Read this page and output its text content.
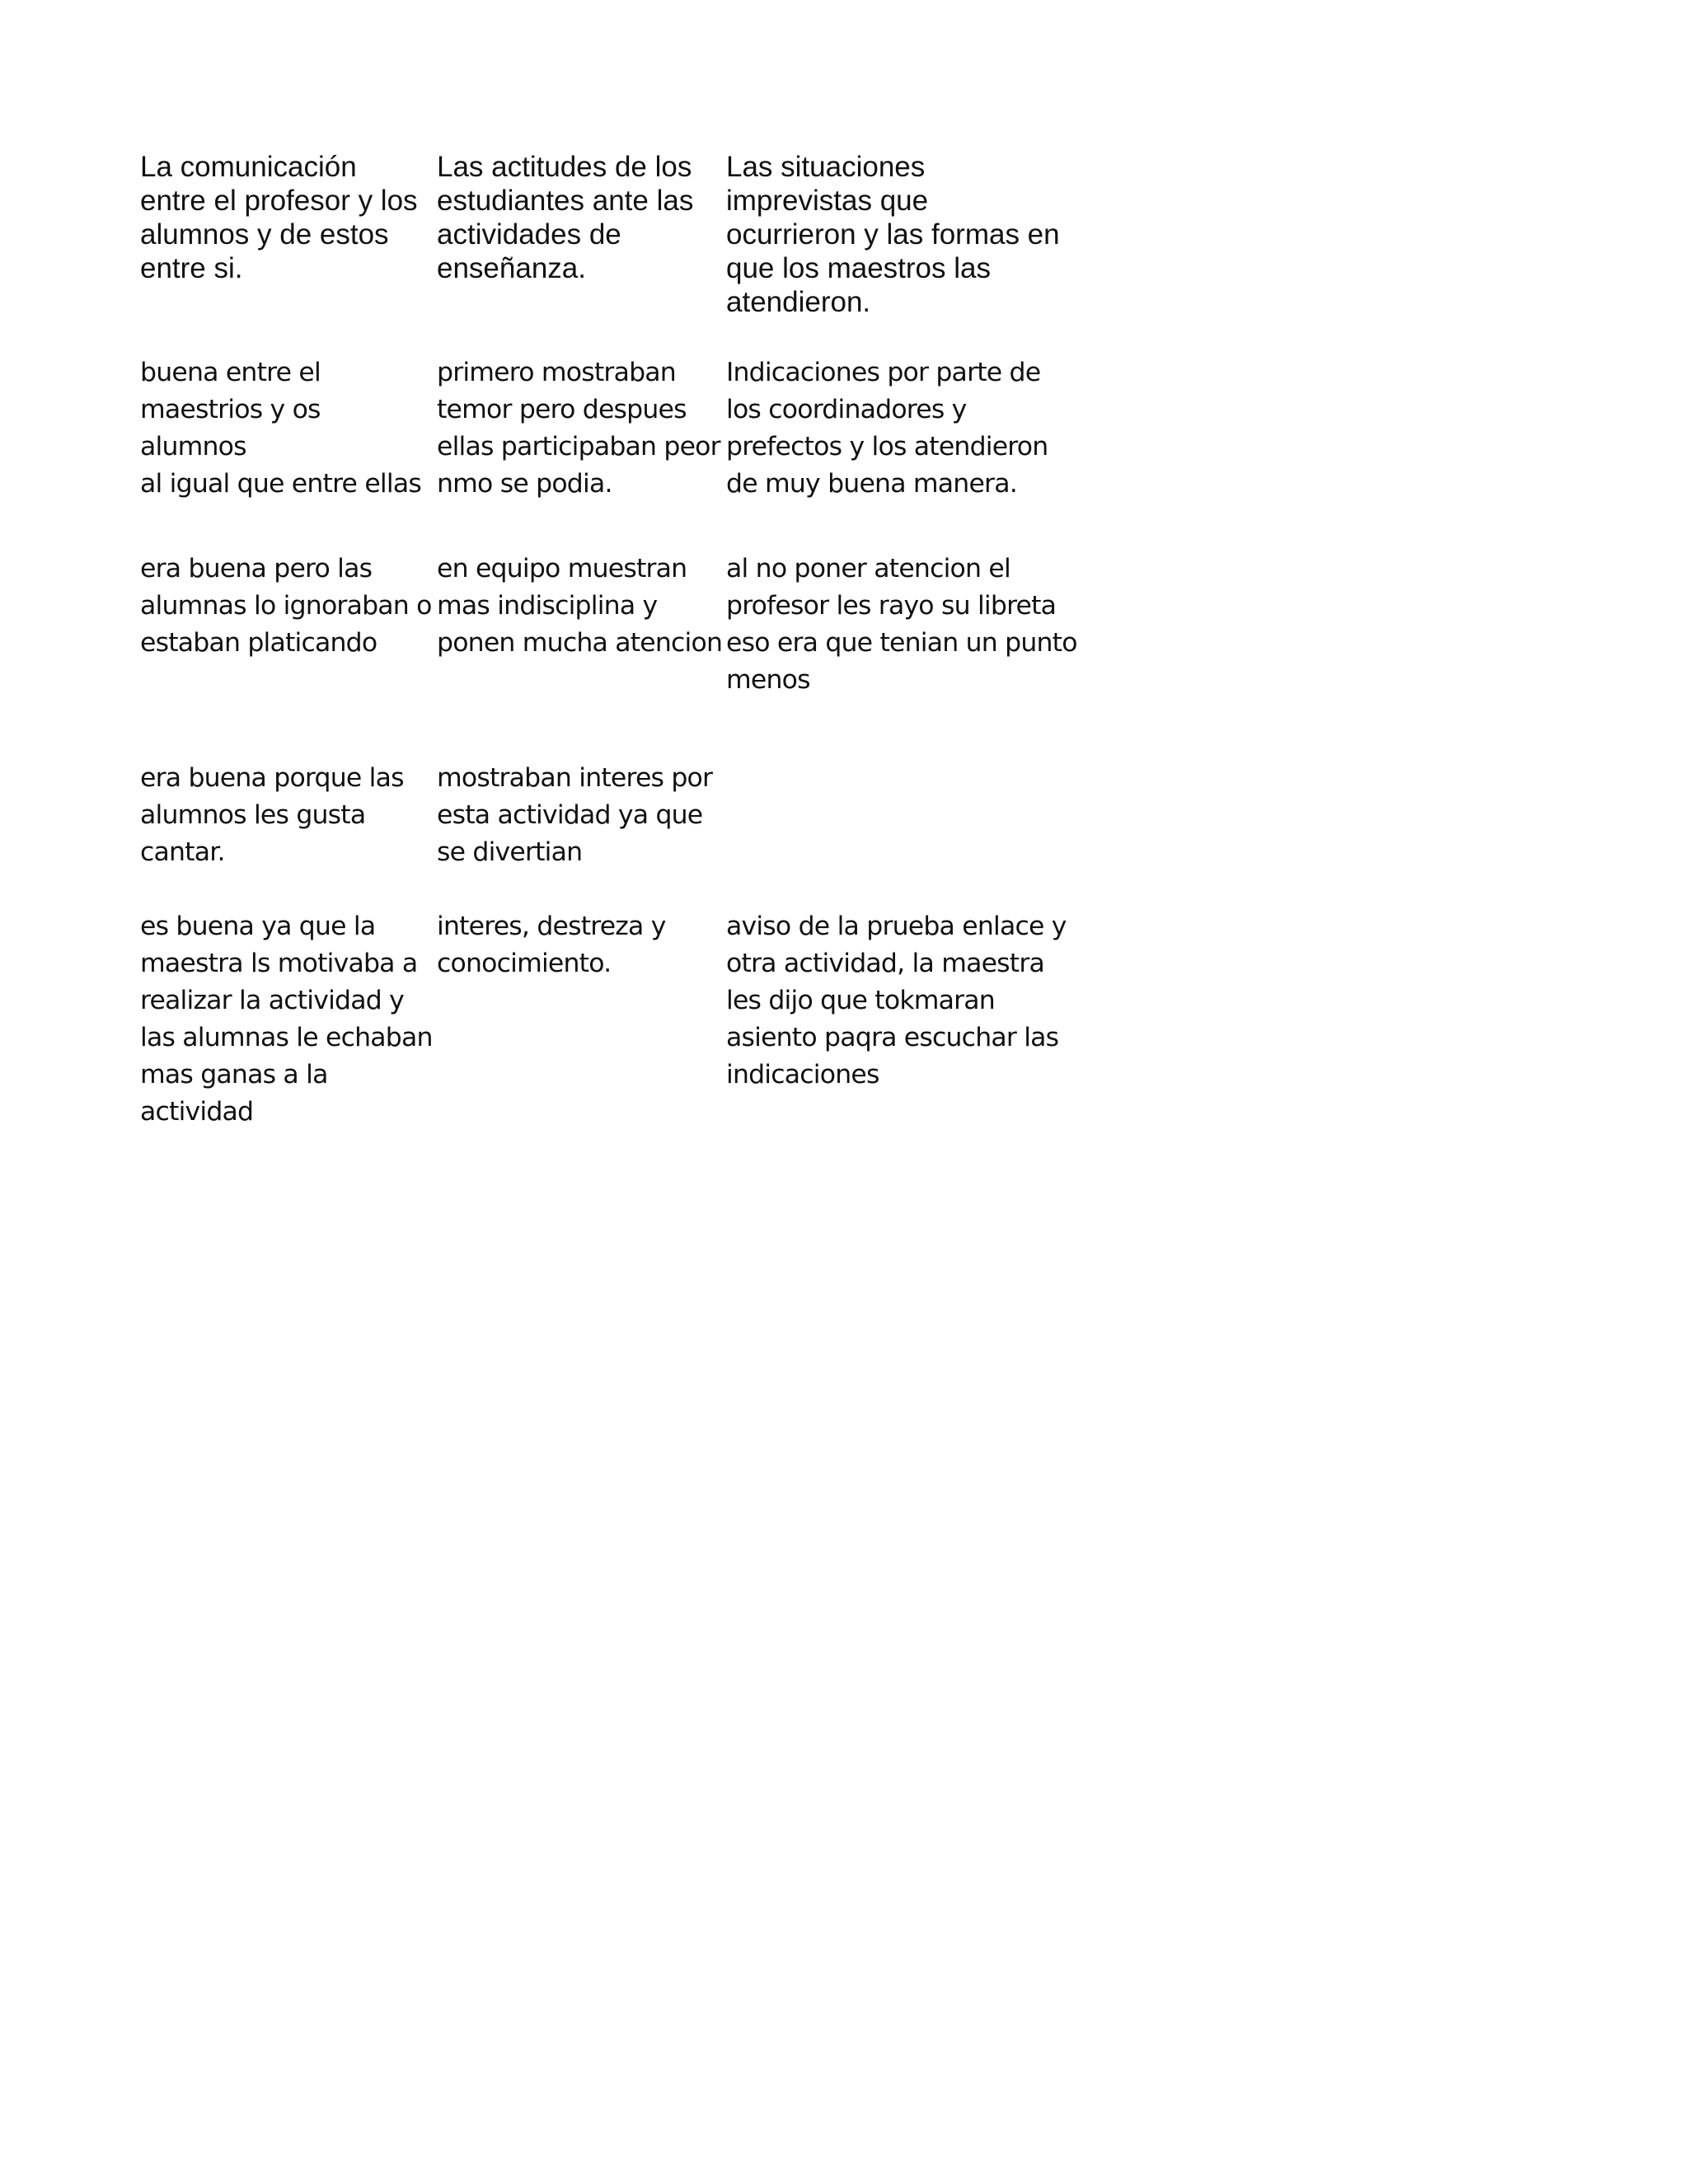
La comunicación
entre el profesor y los
alumnos y de estos
entre si.
Las actitudes de los
estudiantes ante las
actividades de
enseñanza.
Las situaciones
imprevistas que
ocurrieron y las formas en
que los maestros las
atendieron.
buena entre el
maestrios y os alumnos
al igual que entre ellas
primero mostraban
temor pero despues
ellas participaban peor
nmo se podia.
Indicaciones por parte de
los coordinadores y
prefectos y los atendieron
de muy buena manera.
era buena pero las
alumnas lo ignoraban o
estaban platicando
en equipo muestran
mas indisciplina y
ponen mucha atencion
al no poner atencion el
profesor les rayo su libreta
eso era que tenian un punto
menos
era buena porque las
alumnos les gusta
cantar.
mostraban interes por
esta actividad ya que
se divertian
es buena ya que la
maestra ls motivaba a
realizar la actividad y
las alumnas le echaban
mas ganas a la
actividad
interes, destreza y
conocimiento.
aviso de la prueba enlace y
otra actividad, la maestra
les dijo que tokmaran
asiento paqra escuchar las
indicaciones
